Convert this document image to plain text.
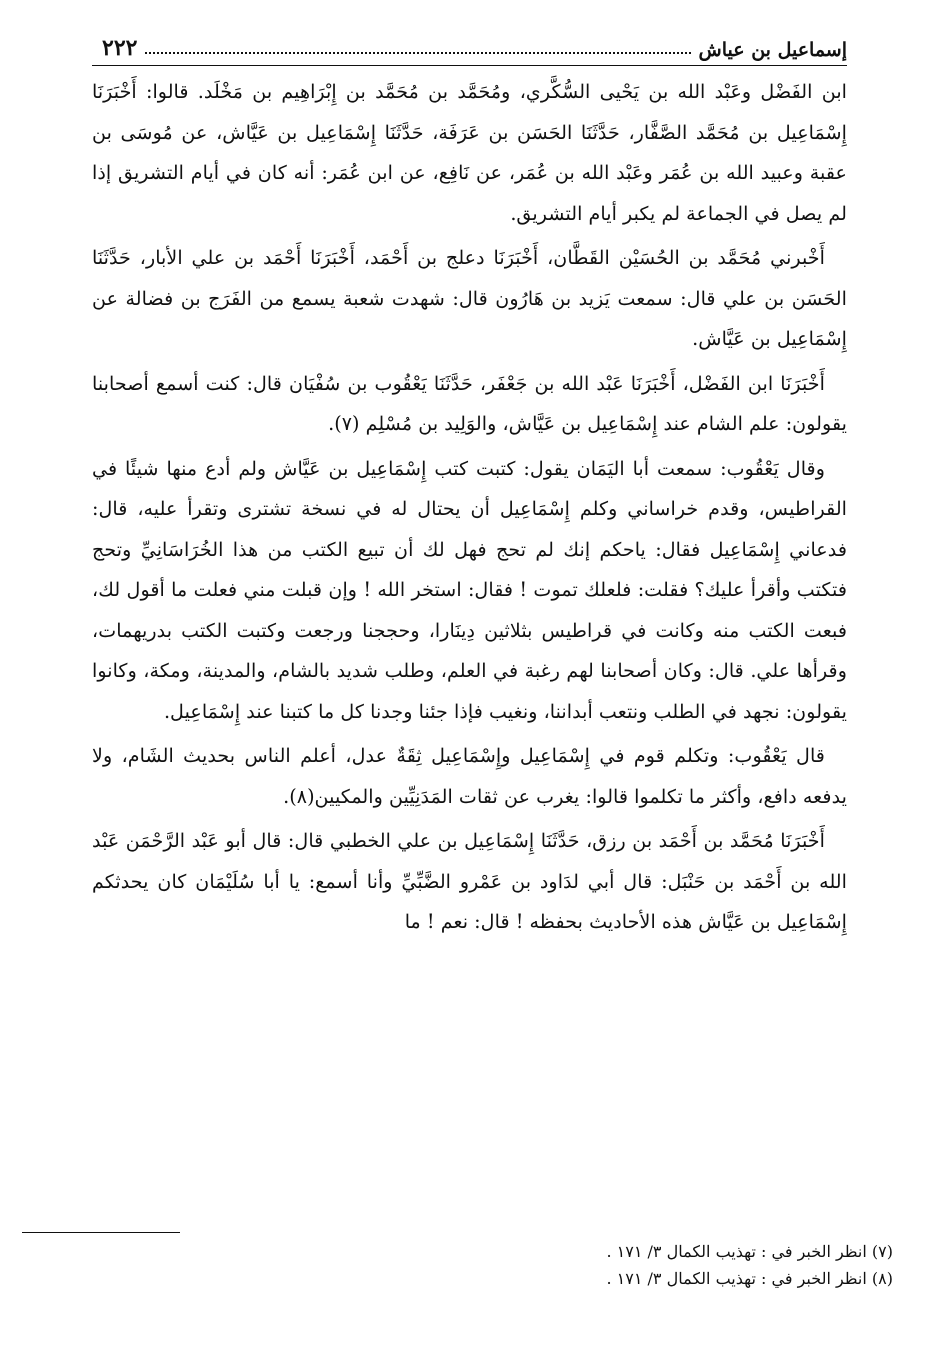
إسماعيل بن عياش
٢٢٢

ابن الفَضْل وعَبْد الله بن يَحْيى السُّكَّري، ومُحَمَّد بن مُحَمَّد بن إِبْرَاهِيم بن مَخْلَد. قالوا: أَخْبَرَنَا إِسْمَاعِيل بن مُحَمَّد الصَّفَّار، حَدَّثَنَا الحَسَن بن عَرَفَة، حَدَّثَنَا إِسْمَاعِيل بن عَيَّاش، عن مُوسَى بن عقبة وعبيد الله بن عُمَر وعَبْد الله بن عُمَر، عن نَافِع، عن ابن عُمَر: أنه كان في أيام التشريق إذا لم يصل في الجماعة لم يكبر أيام التشريق.

أَخْبرني مُحَمَّد بن الحُسَيْن القَطَّان، أَخْبَرَنَا دعلج بن أَحْمَد، أَخْبَرَنَا أَحْمَد بن علي الأبار، حَدَّثَنَا الحَسَن بن علي قال: سمعت يَزيد بن هَارُون قال: شهدت شعبة يسمع من الفَرَج بن فضالة عن إِسْمَاعِيل بن عَيَّاش.

أَخْبَرَنَا ابن الفَضْل، أَخْبَرَنَا عَبْد الله بن جَعْفَر، حَدَّثَنَا يَعْقُوب بن سُفْيَان قال: كنت أسمع أصحابنا يقولون: علم الشام عند إِسْمَاعِيل بن عَيَّاش، والوَلِيد بن مُسْلِم (٧).

وقال يَعْقُوب: سمعت أبا اليَمَان يقول: كتبت كتب إِسْمَاعِيل بن عَيَّاش ولم أدع منها شيئًا في القراطيس، وقدم خراساني وكلم إِسْمَاعِيل أن يحتال له في نسخة تشترى وتقرأ عليه، قال: فدعاني إِسْمَاعِيل فقال: ياحكم إنك لم تحج فهل لك أن تبيع الكتب من هذا الخُرَاسَانِيِّ وتحج فتكتب وأقرأ عليك؟ فقلت: فلعلك تموت ! فقال: استخر الله ! وإن قبلت مني فعلت ما أقول لك، فبعت الكتب منه وكانت في قراطيس بثلاثين دِينَارا، وحججنا ورجعت وكتبت الكتب بدريهمات، وقرأها علي. قال: وكان أصحابنا لهم رغبة في العلم، وطلب شديد بالشام، والمدينة، ومكة، وكانوا يقولون: نجهد في الطلب ونتعب أبداننا، ونغيب فإذا جئنا وجدنا كل ما كتبنا عند إِسْمَاعِيل.

قال يَعْقُوب: وتكلم قوم في إِسْمَاعِيل وإِسْمَاعِيل ثِقَةٌ عدل، أعلم الناس بحديث الشَام، ولا يدفعه دافع، وأكثر ما تكلموا قالوا: يغرب عن ثقات المَدَنِيِّين والمكيين(٨).

أَخْبَرَنَا مُحَمَّد بن أَحْمَد بن رزق، حَدَّثَنَا إِسْمَاعِيل بن علي الخطبي قال: قال أبو عَبْد الرَّحْمَن عَبْد الله بن أَحْمَد بن حَنْبَل: قال أبي لدَاود بن عَمْرو الضَّبِّيِّ وأنا أسمع: يا أبا سُلَيْمَان كان يحدثكم إِسْمَاعِيل بن عَيَّاش هذه الأحاديث بحفظه ! قال: نعم ! ما

(٧) انظر الخبر في : تهذيب الكمال ٣/ ١٧١ .
(٨) انظر الخبر في : تهذيب الكمال ٣/ ١٧١ .
